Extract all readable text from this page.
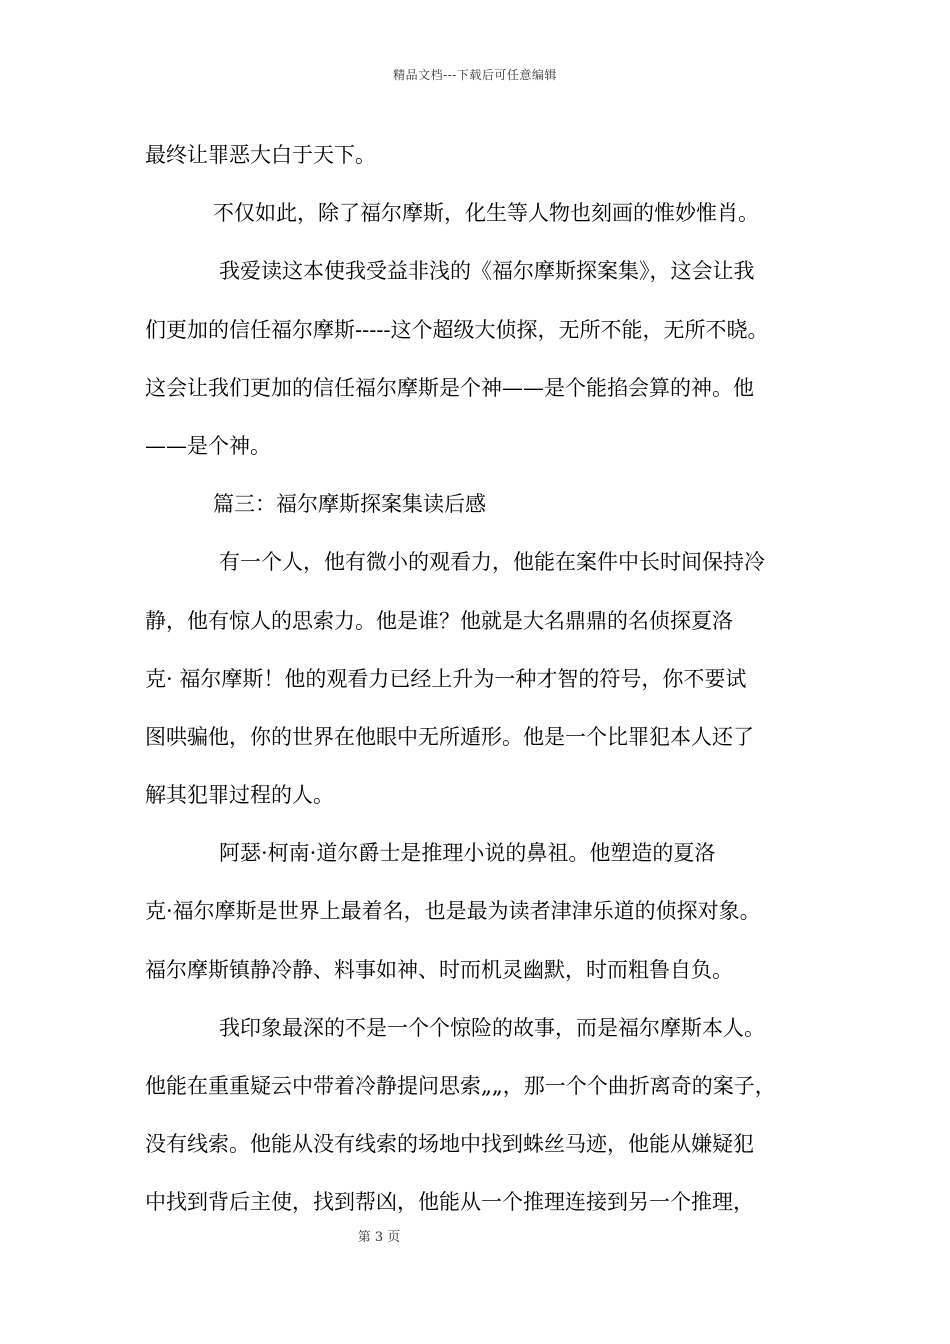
精品文档---下载后可任意编辑
最终让罪恶大白于天下。
不仅如此，除了福尔摩斯，化生等人物也刻画的惟妙惟肖。
我爱读这本使我受益非浅的《福尔摩斯探案集》，这会让我
们更加的信任福尔摩斯-----这个超级大侦探，无所不能，无所不晓。
这会让我们更加的信任福尔摩斯是个神——是个能掐会算的神。他
——是个神。
篇三：福尔摩斯探案集读后感
有一个人，他有微小的观看力，他能在案件中长时间保持冷
静，他有惊人的思索力。他是谁？他就是大名鼎鼎的名侦探夏洛
克· 福尔摩斯！他的观看力已经上升为一种才智的符号，你不要试
图哄骗他，你的世界在他眼中无所遁形。他是一个比罪犯本人还了
解其犯罪过程的人。
阿瑟·柯南·道尔爵士是推理小说的鼻祖。他塑造的夏洛
克·福尔摩斯是世界上最着名，也是最为读者津津乐道的侦探对象。
福尔摩斯镇静冷静、料事如神、时而机灵幽默，时而粗鲁自负。
我印象最深的不是一个个惊险的故事，而是福尔摩斯本人。
他能在重重疑云中带着冷静提问思索„„，那一个个曲折离奇的案子，
没有线索。他能从没有线索的场地中找到蛛丝马迹，他能从嫌疑犯
中找到背后主使，找到帮凶，他能从一个推理连接到另一个推理，
第 3 页
